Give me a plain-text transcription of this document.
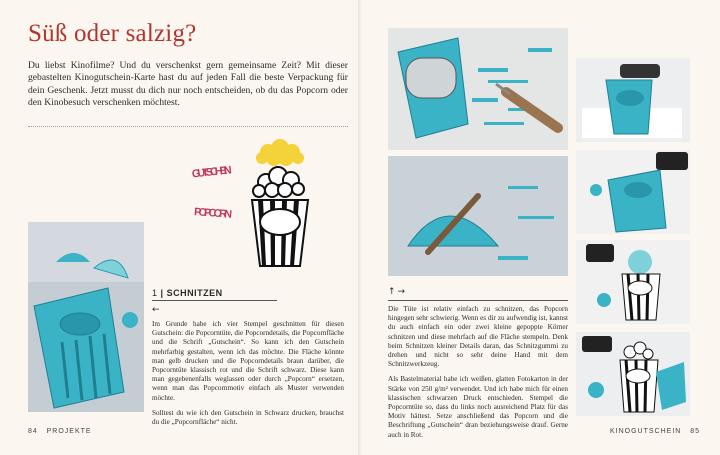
Süß oder salzig?
Du liebst Kinofilme? Und du verschenkst gern gemeinsame Zeit? Mit dieser gebastelten Kinogutschein-Karte hast du auf jeden Fall die beste Verpackung für dein Geschenk. Jetzt musst du dich nur noch entscheiden, ob du das Popcorn oder den Kinobesuch verschenken möchtest.
GUTSCHEIN
POPCORN
1 | SCHNITZEN
←

Im Grunde habe ich vier Stempel geschnitten für diesen Gutschein: die Popcorntüte, die Popcorndetails, die Popcornfläche und die Schrift „Gutschein“. So kann ich den Gutschein mehrfarbig gestalten, wenn ich das möchte. Die Fläche könnte man gelb drucken und die Popcorndetails braun darüber, die Popcorntüte klassisch rot und die Schrift schwarz. Diese kann man gegebenenfalls weglassen oder durch „Popcorn“ ersetzen, wenn man das Popcornmotiv einfach als Muster verwenden möchte.

Solltest du wie ich den Gutschein in Schwarz drucken, brauchst du die „Popcornfläche“ nicht.

84 PROJEKTE
↑→

Die Tüte ist relativ einfach zu schnitzen, das Popcorn hingegen sehr schwierig. Wenn es dir zu aufwendig ist, kannst du auch einfach ein oder zwei kleine gepoppte Körner schnitzen und diese mehrfach auf die Fläche stempeln. Denk beim Schnitzen kleiner Details daran, das Schnitzgummi zu drehen und nicht so sehr deine Hand mit dem Schnitzwerkzeug.

Als Bastelmaterial habe ich weißen, glatten Fotokarton in der Stärke von 250 g/m² verwendet. Und ich habe mich für einen klassischen schwarzen Druck entschieden. Stempel die Popcorntüte so, dass du links noch ausreichend Platz für das Motiv hättest. Setze anschließend das Popcorn und die Beschriftung „Gutschein“ dran beziehungsweise drauf. Gerne auch in Rot.	KINOGUTSCHEIN 85
